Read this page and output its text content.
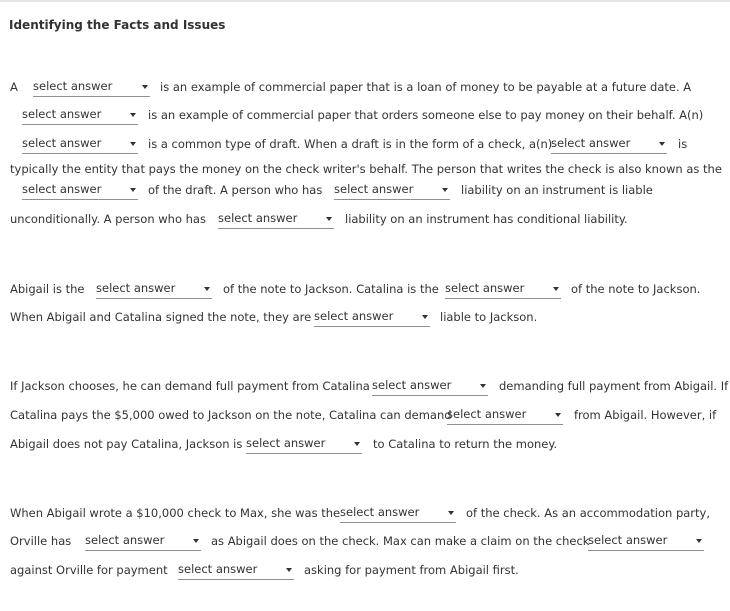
Identifying the Facts and Issues
A select answer	is an example of commercial paper that is a loan of money to be payable at a future date. A
select answer	is an example of commercial paper that orders someone else to pay money on their behalf. A(n)
select answer	is a common type of draft. When a draft is in the form of a check, a(n)
select answer	is
typically the entity that pays the money on the check writer's behalf. The person that writes the check is also known as the
select answer	of the draft. A person who has select answer	liability on an instrument is liable
unconditionally. A person who has select answer	liability on an instrument has conditional liability.
Abigail is the select answer	of the note to Jackson. Catalina is the select answer	of the note to Jackson.
When Abigail and Catalina signed the note, they are select answer	liable to Jackson.
If Jackson chooses, he can demand full payment from Catalina select answer	demanding full payment from Abigail. If
Catalina pays the $5,000 owed to Jackson on the note, Catalina can demand
select answer	from Abigail. However, if
Abigail does not pay Catalina, Jackson is select answer	to Catalina to return the money.
When Abigail wrote a $10,000 check to Max, she was the select answer	of the check. As an accommodation party,
Orville has select answer	as Abigail does on the check. Max can make a claim on the check
select answer
against Orville for payment select answer	asking for payment from Abigail first.
